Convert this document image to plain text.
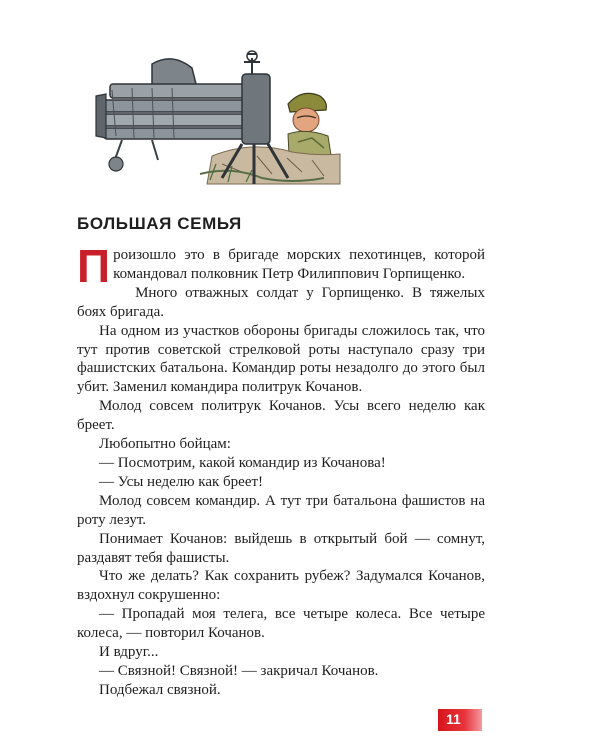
БОЛЬШАЯ СЕМЬЯ

Произошло это в бригаде морских пехотинцев, которой командовал полковник Петр Филиппович Горпищенко.

Много отважных солдат у Горпищенко. В тяжелых боях бригада.

На одном из участков обороны бригады сложилось так, что тут против советской стрелковой роты наступало сразу три фашистских батальона. Командир роты незадолго до этого был убит. Заменил командира политрук Кочанов.

Молод совсем политрук Кочанов. Усы всего неделю как бреет.

Любопытно бойцам:

— Посмотрим, какой командир из Кочанова!

— Усы неделю как бреет!

Молод совсем командир. А тут три батальона фашистов на роту лезут.

Понимает Кочанов: выйдешь в открытый бой — сомнут, раздавят тебя фашисты.

Что же делать? Как сохранить рубеж? Задумался Кочанов, вздохнул сокрушенно:

— Пропадай моя телега, все четыре колеса. Все четыре колеса, — повторил Кочанов.

И вдруг...

— Связной! Связной! — закричал Кочанов.

Подбежал связной.

11
